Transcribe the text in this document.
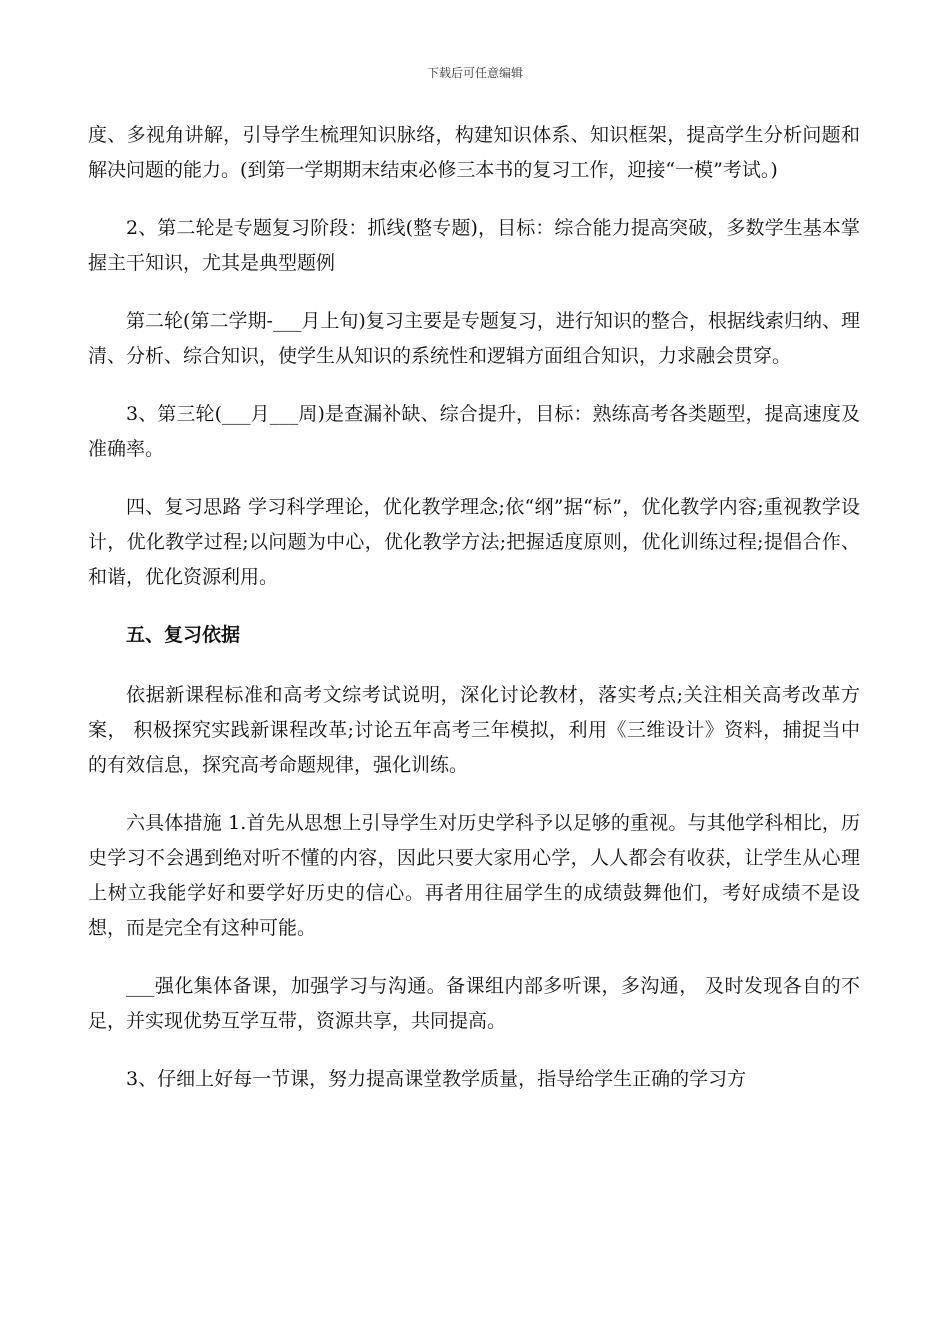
下载后可任意编辑

度、多视角讲解，引导学生梳理知识脉络，构建知识体系、知识框架，提高学生分析问题和解决问题的能力。(到第一学期期末结束必修三本书的复习工作，迎接“一模”考试。)

2、第二轮是专题复习阶段：抓线(整专题)，目标：综合能力提高突破，多数学生基本掌握主干知识，尤其是典型题例

第二轮(第二学期-___月上旬)复习主要是专题复习，进行知识的整合，根据线索归纳、理清、分析、综合知识，使学生从知识的系统性和逻辑方面组合知识，力求融会贯穿。

3、第三轮(___月___周)是查漏补缺、综合提升，目标：熟练高考各类题型，提高速度及准确率。

四、复习思路 学习科学理论，优化教学理念;依“纲”据“标”，优化教学内容;重视教学设计，优化教学过程;以问题为中心，优化教学方法;把握适度原则，优化训练过程;提倡合作、和谐，优化资源利用。

五、复习依据

依据新课程标准和高考文综考试说明，深化讨论教材，落实考点;关注相关高考改革方案， 积极探究实践新课程改革;讨论五年高考三年模拟，利用《三维设计》资料，捕捉当中的有效信息，探究高考命题规律，强化训练。

六具体措施 1.首先从思想上引导学生对历史学科予以足够的重视。与其他学科相比，历史学习不会遇到绝对听不懂的内容，因此只要大家用心学，人人都会有收获，让学生从心理上树立我能学好和要学好历史的信心。再者用往届学生的成绩鼓舞他们，考好成绩不是设想，而是完全有这种可能。

___强化集体备课，加强学习与沟通。备课组内部多听课，多沟通， 及时发现各自的不足，并实现优势互学互带，资源共享，共同提高。

3、仔细上好每一节课，努力提高课堂教学质量，指导给学生正确的学习方
